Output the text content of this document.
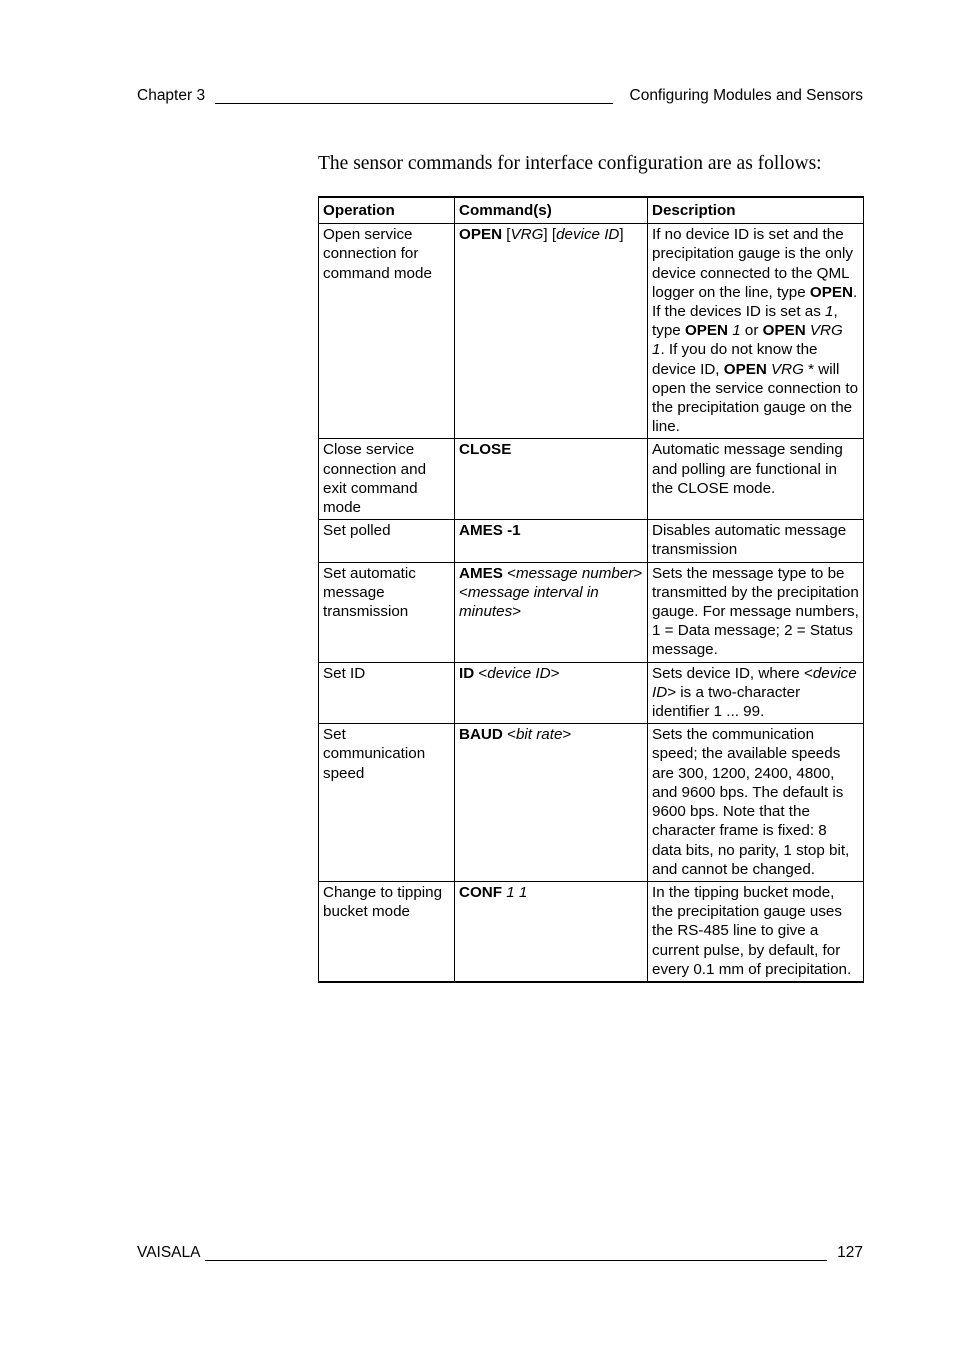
Chapter 3	Configuring Modules and Sensors
The sensor commands for interface configuration are as follows:
Operation	Command(s)	Description
Open service connection for command mode	OPEN [VRG] [device ID]	If no device ID is set and the precipitation gauge is the only device connected to the QML logger on the line, type OPEN. If the devices ID is set as 1, type OPEN 1 or OPEN VRG 1. If you do not know the device ID, OPEN VRG * will open the service connection to the precipitation gauge on the line.
Close service connection and exit command mode	CLOSE	Automatic message sending and polling are functional in the CLOSE mode.
Set polled	AMES -1	Disables automatic message transmission
Set automatic message transmission	AMES <message number> <message interval in minutes>	Sets the message type to be transmitted by the precipitation gauge. For message numbers, 1 = Data message; 2 = Status message.
Set ID	ID <device ID>	Sets device ID, where <device ID> is a two-character identifier 1 ... 99.
Set communication speed	BAUD <bit rate>	Sets the communication speed; the available speeds are 300, 1200, 2400, 4800, and 9600 bps. The default is 9600 bps. Note that the character frame is fixed: 8 data bits, no parity, 1 stop bit, and cannot be changed.
Change to tipping bucket mode	CONF 1 1	In the tipping bucket mode, the precipitation gauge uses the RS-485 line to give a current pulse, by default, for every 0.1 mm of precipitation.
VAISALA	127
